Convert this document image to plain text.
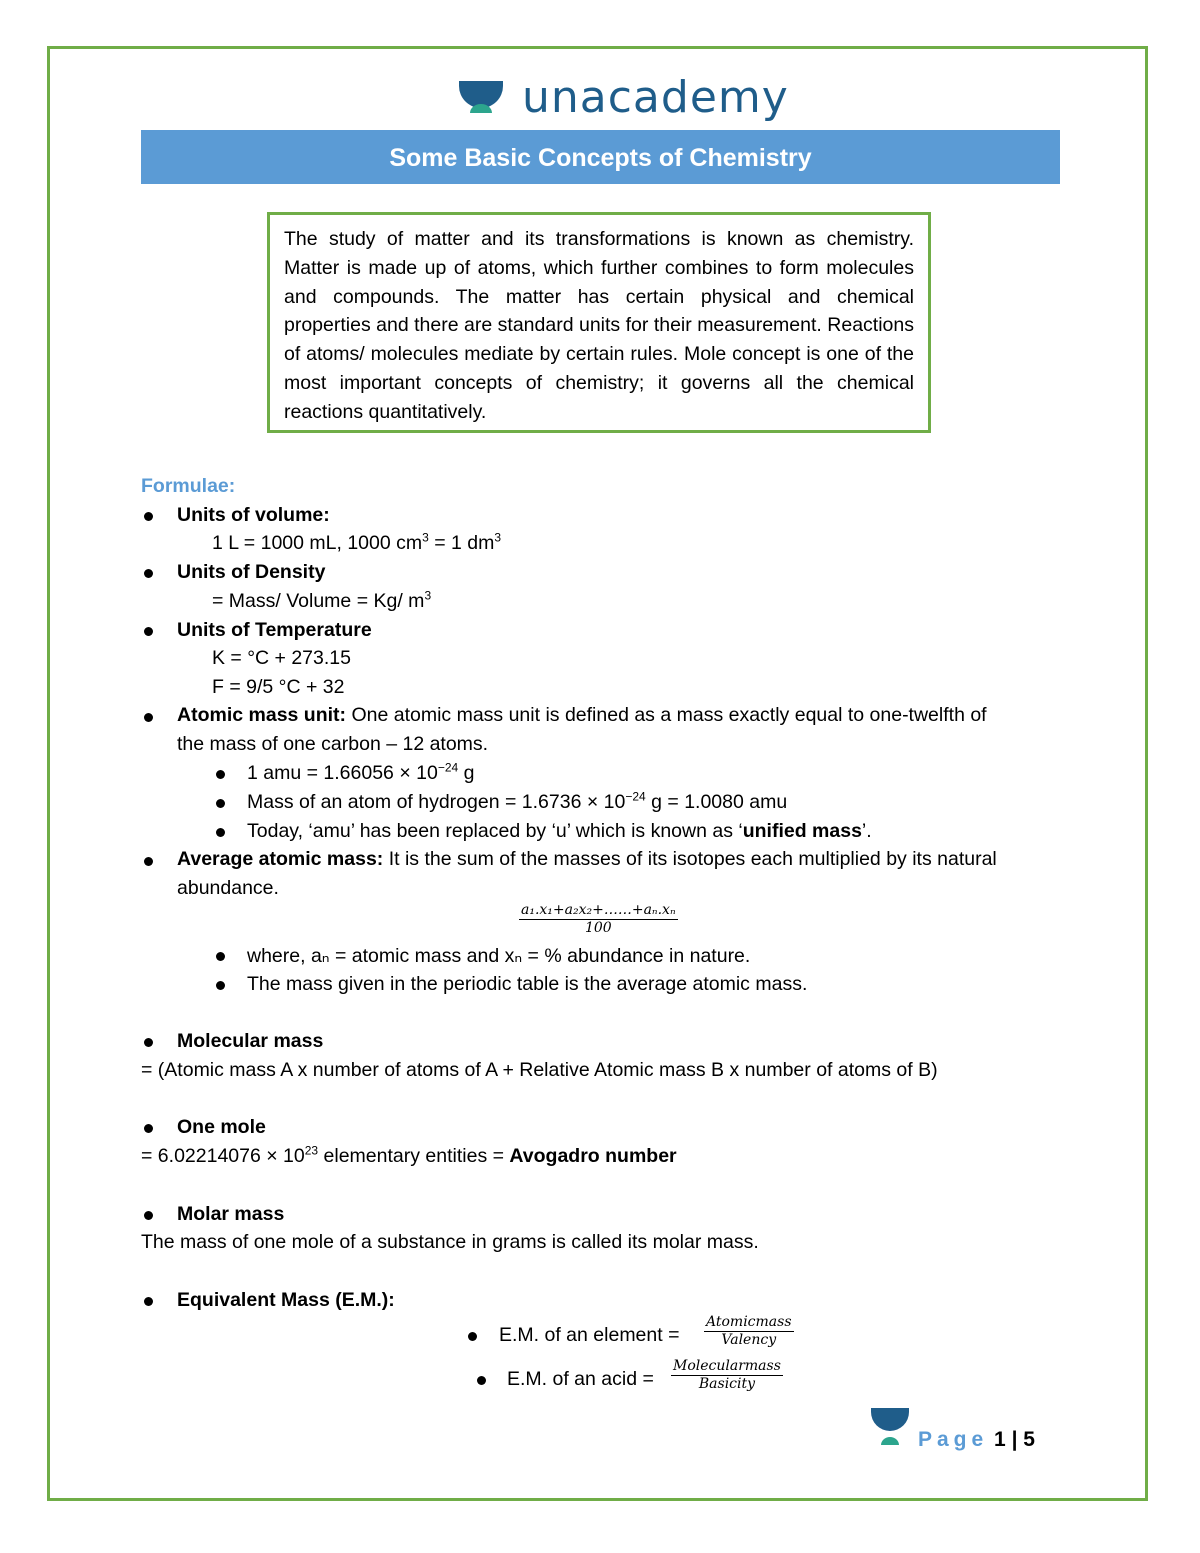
unacademy
Some Basic Concepts of Chemistry
The study of matter and its transformations is known as chemistry. Matter is made up of atoms, which further combines to form molecules and compounds. The matter has certain physical and chemical properties and there are standard units for their measurement. Reactions of atoms/ molecules mediate by certain rules. Mole concept is one of the most important concepts of chemistry; it governs all the chemical reactions quantitatively.
Formulae:
Units of volume:
1 L = 1000 mL, 1000 $cm^3 = 1$ $dm^3$
Units of Density
= Mass/ Volume = Kg/ $m^3$
Units of Temperature
K = °C + 273.15
F = 9/5 °C + 32
Atomic mass unit: One atomic mass unit is defined as a mass exactly equal to one-twelfth of
the mass of one carbon – 12 atoms.
1 amu = $1.66056 \times 10^{-24}$ g
Mass of an atom of hydrogen = $1.6736 \times 10^{-24}$ g = 1.0080 amu
Today, ‘amu’ has been replaced by ‘u’ which is known as ‘unified mass’.
Average atomic mass: It is the sum of the masses of its isotopes each multiplied by its natural
abundance.
$\frac{\text{a₁.x₁+a₂x₂+……+aₙ.xₙ}}{100}$
where, aₙ = atomic mass and xₙ = % abundance in nature.
The mass given in the periodic table is the average atomic mass.
Molecular mass
= (Atomic mass A x number of atoms of A + Relative Atomic mass B x number of atoms of B)
One mole
= $6.02214076 \times 10^{23}$ elementary entities = Avogadro number
Molar mass
The mass of one mole of a substance in grams is called its molar mass.
Equivalent Mass (E.M.):
E.M. of an element =
Atomicmass
Valency
E.M. of an acid =
Molecularmass
Basicity
Page 1 | 5
